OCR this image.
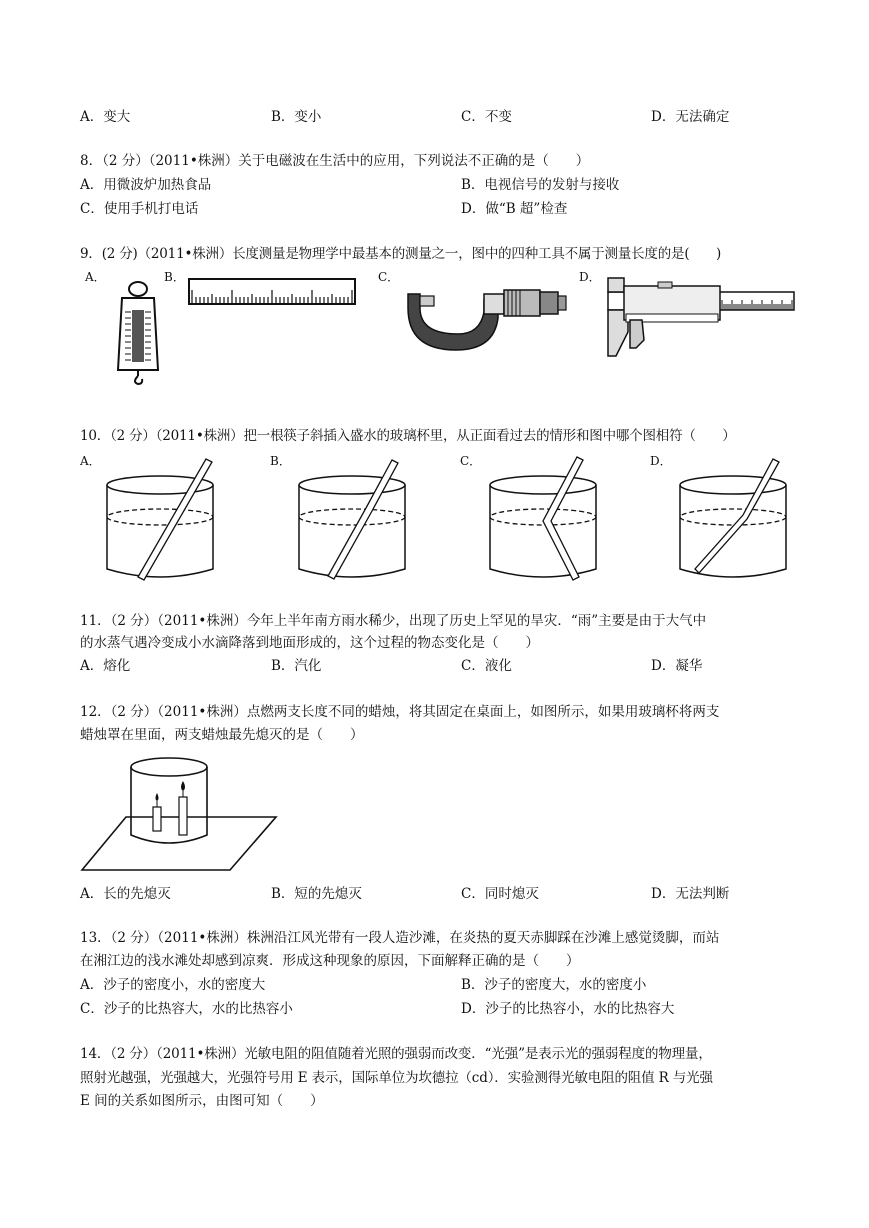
A．变大	B．变小	C．不变	D．无法确定
8．（2 分）（2011•株洲）关于电磁波在生活中的应用，下列说法不正确的是（　　）
A．用微波炉加热食品	B．电视信号的发射与接收
C．使用手机打电话	D．做“B 超”检查
9．(2 分)（2011•株洲）长度测量是物理学中最基本的测量之一，图中的四种工具不属于测量长度的是(　　)
A．	B．	C．	D．
10．（2 分）（2011•株洲）把一根筷子斜插入盛水的玻璃杯里，从正面看过去的情形和图中哪个图相符（　　）
A．	B．	C．	D．
11．（2 分）（2011•株洲）今年上半年南方雨水稀少，出现了历史上罕见的旱灾．“雨”主要是由于大气中
的水蒸气遇冷变成小水滴降落到地面形成的，这个过程的物态变化是（　　）
A．熔化	B．汽化	C．液化	D．凝华
12．（2 分）（2011•株洲）点燃两支长度不同的蜡烛，将其固定在桌面上，如图所示，如果用玻璃杯将两支
蜡烛罩在里面，两支蜡烛最先熄灭的是（　　）
A．长的先熄灭	B．短的先熄灭	C．同时熄灭	D．无法判断
13．（2 分）（2011•株洲）株洲沿江风光带有一段人造沙滩，在炎热的夏天赤脚踩在沙滩上感觉烫脚，而站
在湘江边的浅水滩处却感到凉爽．形成这种现象的原因，下面解释正确的是（　　）
A．沙子的密度小，水的密度大	B．沙子的密度大，水的密度小
C．沙子的比热容大，水的比热容小	D．沙子的比热容小，水的比热容大
14．（2 分）（2011•株洲）光敏电阻的阻值随着光照的强弱而改变．“光强”是表示光的强弱程度的物理量，
照射光越强，光强越大，光强符号用 E 表示，国际单位为坎德拉（cd）．实验测得光敏电阻的阻值 R 与光强
E 间的关系如图所示，由图可知（　　）
